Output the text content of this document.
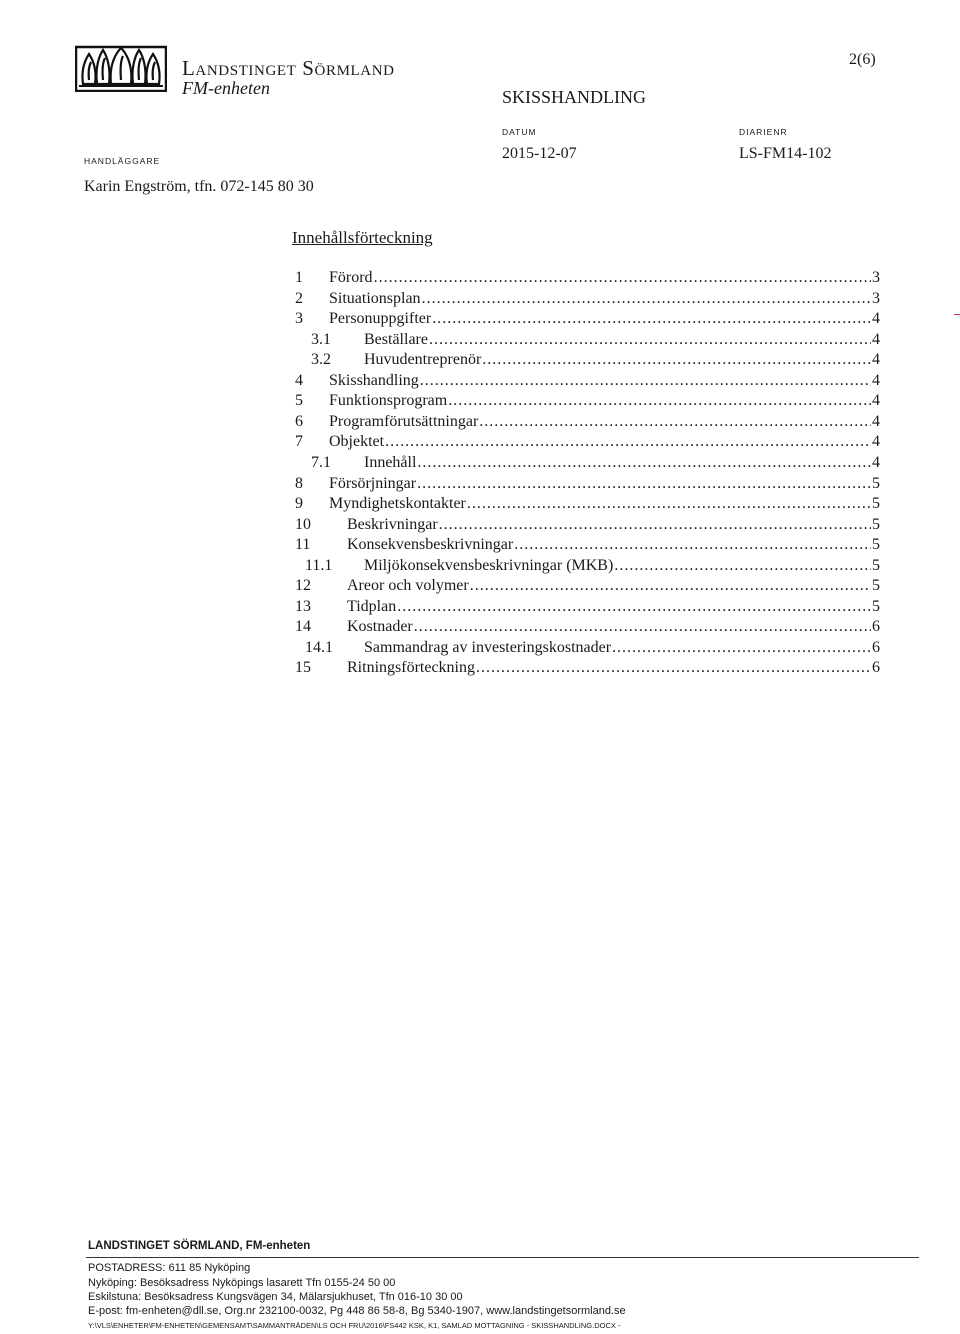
Landstinget Sörmland
FM-enheten
2(6)
SKISSHANDLING
DATUM	DIARIENR
HANDLÄGGARE	2015-12-07	LS-FM14-102
Karin Engström, tfn. 072-145 80 30
Innehållsförteckning
1	Förord .....	3
2	Situationsplan .....	3
3	Personuppgifter .....	4
3.1	Beställare .....	4
3.2	Huvudentreprenör .....	4
4	Skisshandling .....	4
5	Funktionsprogram .....	4
6	Programförutsättningar .....	4
7	Objektet .....	4
7.1	Innehåll .....	4
8	Försörjningar .....	5
9	Myndighetskontakter .....	5
10	Beskrivningar .....	5
11	Konsekvensbeskrivningar .....	5
11.1	Miljökonsekvensbeskrivningar (MKB) .....	5
12	Areor och volymer .....	5
13	Tidplan .....	5
14	Kostnader .....	6
14.1	Sammandrag av investeringskostnader .....	6
15	Ritningsförteckning .....	6
LANDSTINGET SÖRMLAND, FM-enheten
POSTADRESS: 611 85 Nyköping
Nyköping: Besöksadress Nyköpings lasarett Tfn 0155-24 50 00
Eskilstuna: Besöksadress Kungsvägen 34, Mälarsjukhuset, Tfn 016-10 30 00
E-post: fm-enheten@dll.se, Org.nr 232100-0032, Pg 448 86 58-8, Bg 5340-1907, www.landstingetsormland.se
Y:\VLS\ENHETER\FM-ENHETEN\GEMENSAMT\SAMMANTRÄDEN\LS OCH FRU\2016\FS442 KSK, K1, SAMLAD MOTTAGNING - SKISSHANDLING.DOCX -
